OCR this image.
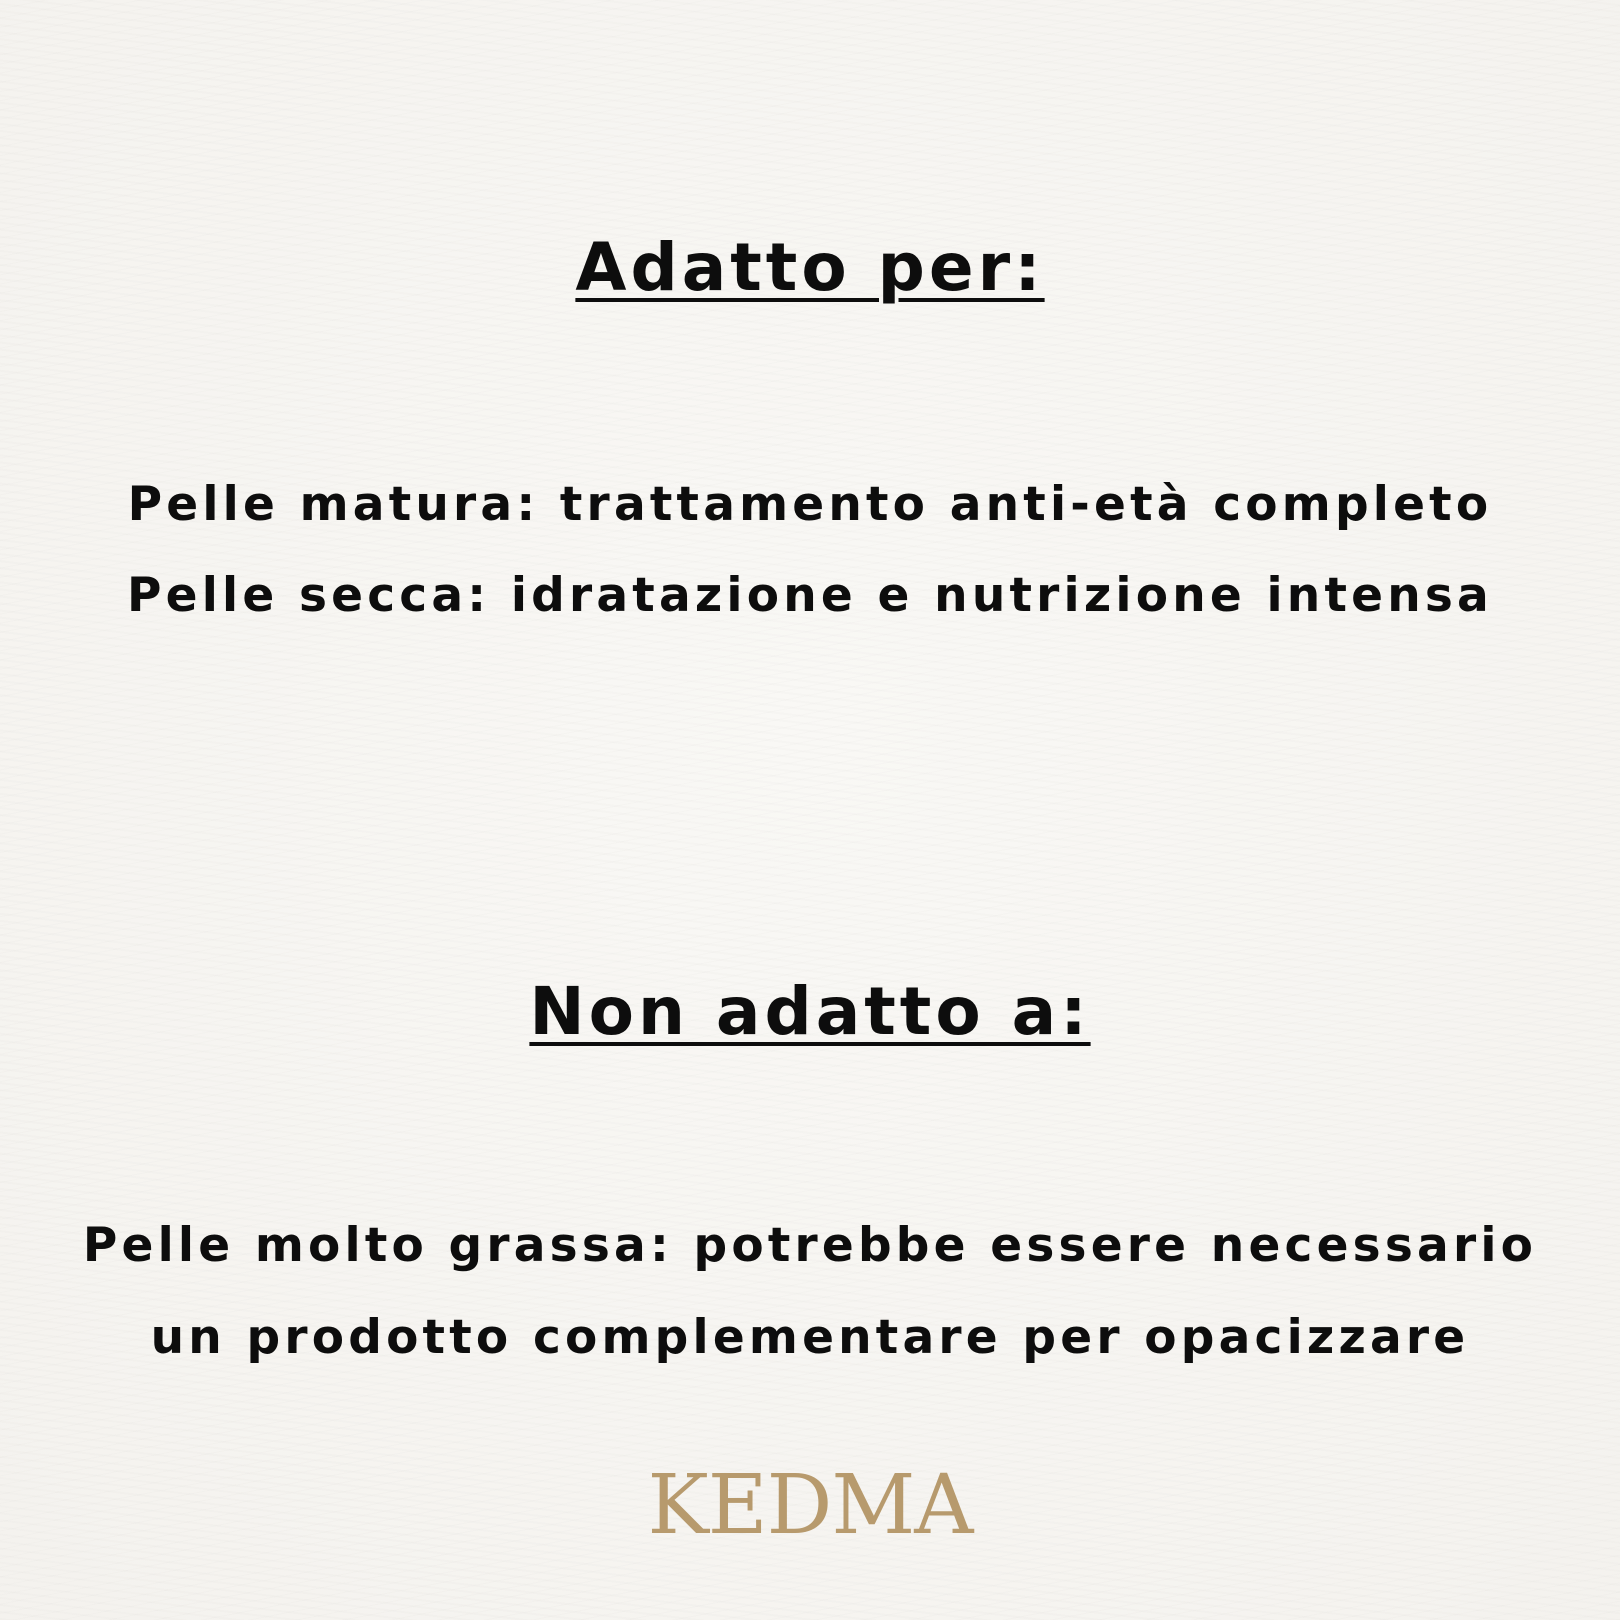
Adatto per:

Pelle matura: trattamento anti-età completo

Pelle secca: idratazione e nutrizione intensa

Non adatto a:

Pelle molto grassa: potrebbe essere necessario

un prodotto complementare per opacizzare

KEDMA
